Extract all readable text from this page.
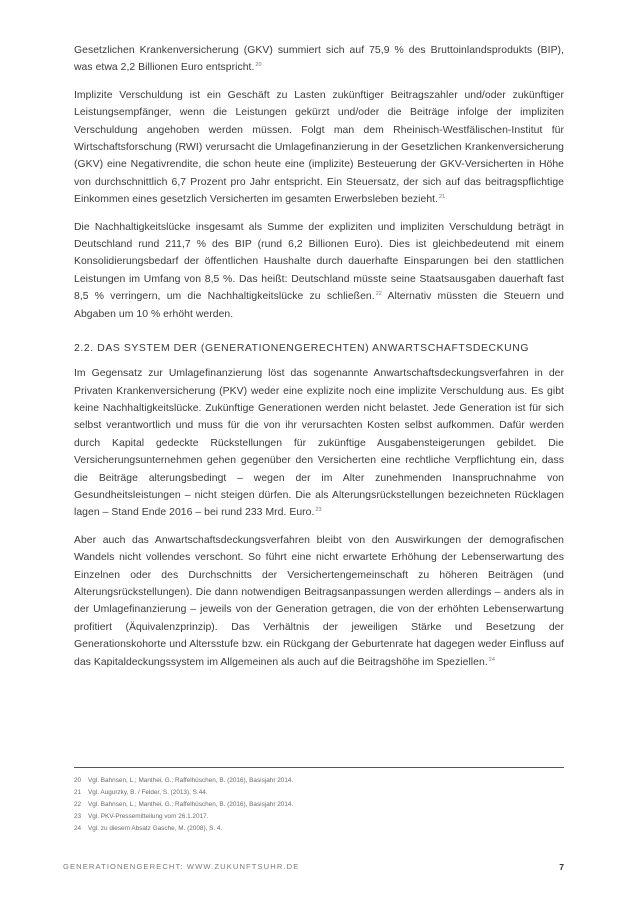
Gesetzlichen Krankenversicherung (GKV) summiert sich auf 75,9 % des Bruttoinlandsprodukts (BIP), was etwa 2,2 Billionen Euro entspricht.$^{20}$

Implizite Verschuldung ist ein Geschäft zu Lasten zukünftiger Beitragszahler und/oder zukünftiger Leistungsempfänger, wenn die Leistungen gekürzt und/oder die Beiträge infolge der impliziten Verschuldung angehoben werden müssen. Folgt man dem Rheinisch-Westfälischen-Institut für Wirtschaftsforschung (RWI) verursacht die Umlagefinanzierung in der Gesetzlichen Krankenversicherung (GKV) eine Negativrendite, die schon heute eine (implizite) Besteuerung der GKV-Versicherten in Höhe von durchschnittlich 6,7 Prozent pro Jahr entspricht. Ein Steuersatz, der sich auf das beitragspflichtige Einkommen eines gesetzlich Versicherten im gesamten Erwerbsleben bezieht.$^{21}$

Die Nachhaltigkeitslücke insgesamt als Summe der expliziten und impliziten Verschuldung beträgt in Deutschland rund 211,7 % des BIP (rund 6,2 Billionen Euro). Dies ist gleichbedeutend mit einem Konsolidierungsbedarf der öffentlichen Haushalte durch dauerhafte Einsparungen bei den stattlichen Leistungen im Umfang von 8,5 %. Das heißt: Deutschland müsste seine Staatsausgaben dauerhaft fast 8,5 % verringern, um die Nachhaltigkeitslücke zu schließen.$^{22}$ Alternativ müssten die Steuern und Abgaben um 10 % erhöht werden.

2.2. DAS SYSTEM DER (GENERATIONENGERECHTEN) ANWARTSCHAFTSDECKUNG

Im Gegensatz zur Umlagefinanzierung löst das sogenannte Anwartschaftsdeckungsverfahren in der Privaten Krankenversicherung (PKV) weder eine explizite noch eine implizite Verschuldung aus. Es gibt keine Nachhaltigkeitslücke. Zukünftige Generationen werden nicht belastet. Jede Generation ist für sich selbst verantwortlich und muss für die von ihr verursachten Kosten selbst aufkommen. Dafür werden durch Kapital gedeckte Rückstellungen für zukünftige Ausgabensteigerungen gebildet. Die Versicherungsunternehmen gehen gegenüber den Versicherten eine rechtliche Verpflichtung ein, dass die Beiträge alterungsbedingt – wegen der im Alter zunehmenden Inanspruchnahme von Gesundheitsleistungen – nicht steigen dürfen. Die als Alterungsrückstellungen bezeichneten Rücklagen lagen – Stand Ende 2016 – bei rund 233 Mrd. Euro.$^{23}$

Aber auch das Anwartschaftsdeckungsverfahren bleibt von den Auswirkungen der demografischen Wandels nicht vollendes verschont. So führt eine nicht erwartete Erhöhung der Lebenserwartung des Einzelnen oder des Durchschnitts der Versichertengemeinschaft zu höheren Beiträgen (und Alterungsrückstellungen). Die dann notwendigen Beitragsanpassungen werden allerdings – anders als in der Umlagefinanzierung – jeweils von der Generation getragen, die von der erhöhten Lebenserwartung profitiert (Äquivalenzprinzip). Das Verhältnis der jeweiligen Stärke und Besetzung der Generationskohorte und Altersstufe bzw. ein Rückgang der Geburtenrate hat dagegen weder Einfluss auf das Kapitaldeckungssystem im Allgemeinen als auch auf die Beitragshöhe im Speziellen.$^{24}$

20 Vgl. Bahnsen, L.; Manthei, G.; Raffelhüschen, B. (2016), Basisjahr 2014.
21 Vgl. Augurzky, B. / Felder, S. (2013), S.44.
22 Vgl. Bahnsen, L.; Manthei, G.; Raffelhüschen, B. (2016), Basisjahr 2014.
23 Vgl. PKV-Pressemitteilung vom 26.1.2017.
24 Vgl. zu diesem Absatz Gasche, M. (2008), S. 4.
GENERATIONENGERECHT: WWW.ZUKUNFTSUHR.DE	7
